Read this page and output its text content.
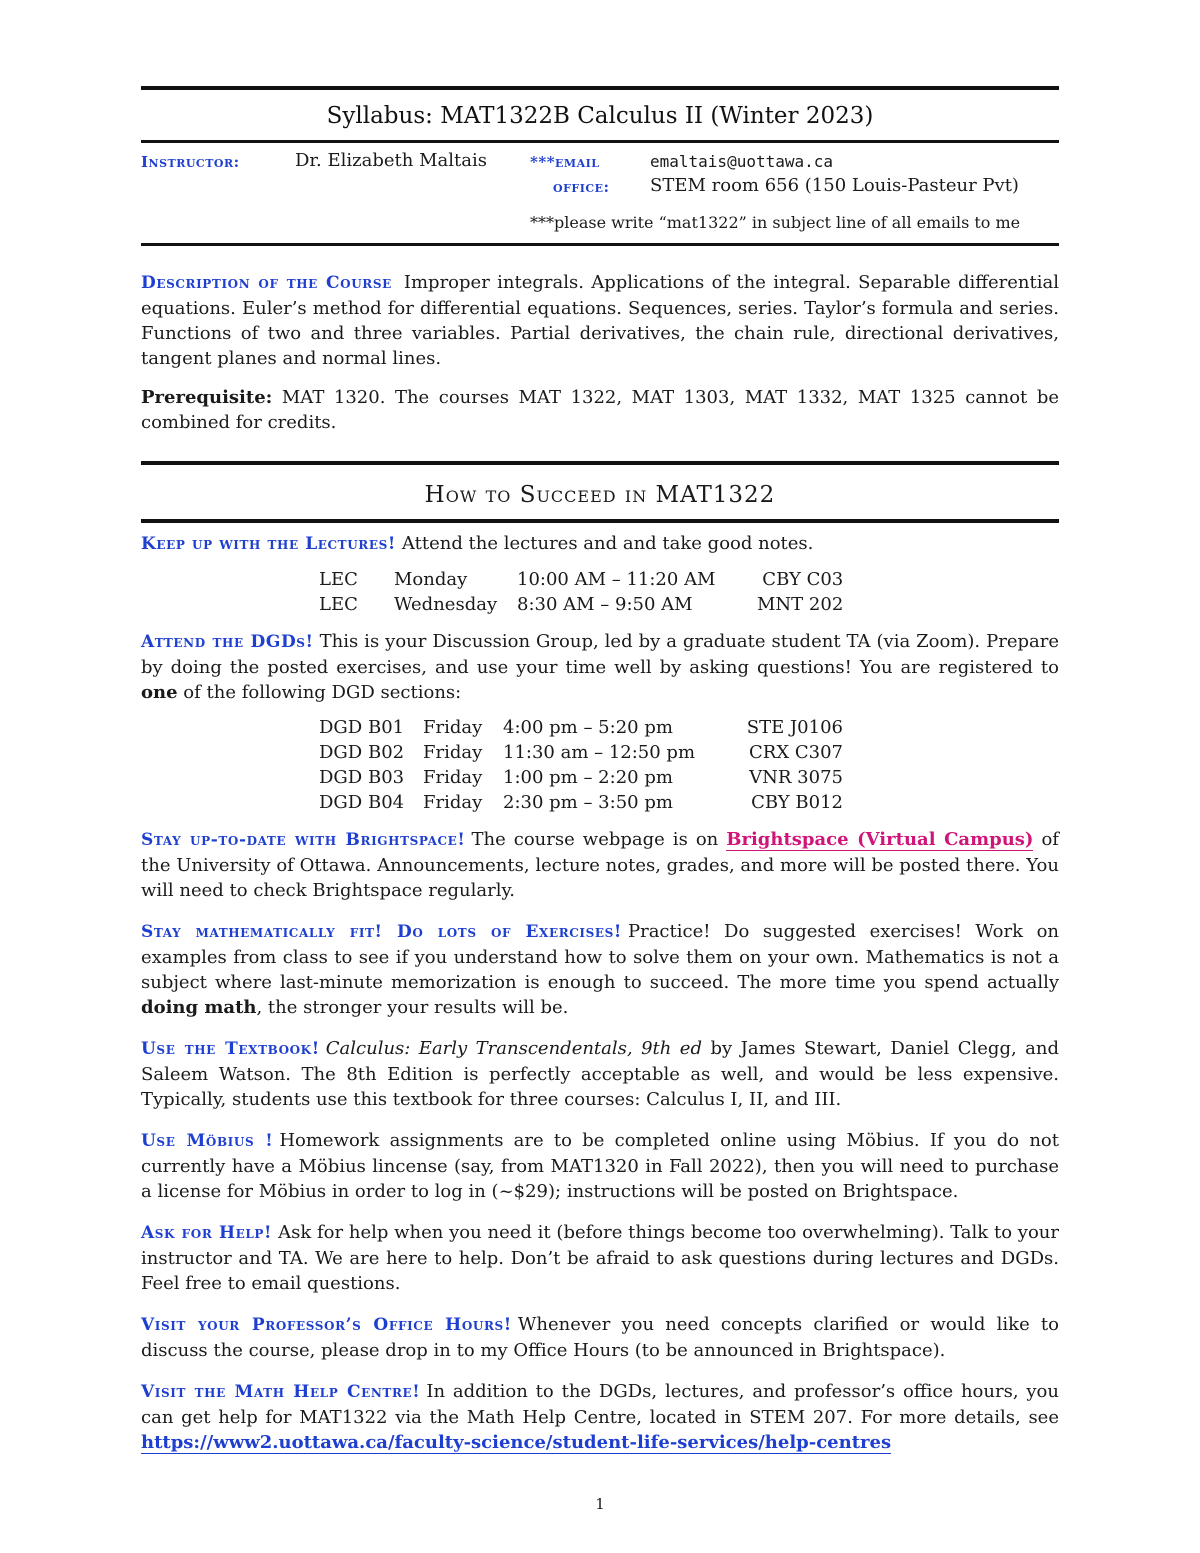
Syllabus: MAT1322B Calculus II (Winter 2023)
Instructor:	Dr. Elizabeth Maltais	***email	emaltais@uottawa.ca
office: STEM room 656 (150 Louis-Pasteur Pvt)
***please write “mat1322” in subject line of all emails to me

Description of the Course Improper integrals. Applications of the integral. Separable differential equations. Euler’s method for differential equations. Sequences, series. Taylor’s formula and series. Functions of two and three variables. Partial derivatives, the chain rule, directional derivatives, tangent planes and normal lines.

Prerequisite: MAT 1320. The courses MAT 1322, MAT 1303, MAT 1332, MAT 1325 cannot be combined for credits.

How to Succeed in MAT1322

Keep up with the Lectures! Attend the lectures and and take good notes.

LEC	Monday	10:00 AM – 11:20 AM	CBY C03
LEC	Wednesday	8:30 AM – 9:50 AM	MNT 202

Attend the DGDs! This is your Discussion Group, led by a graduate student TA (via Zoom). Prepare by doing the posted exercises, and use your time well by asking questions! You are registered to one of the following DGD sections:

DGD B01	Friday	4:00 pm – 5:20 pm	STE J0106
DGD B02	Friday	11:30 am – 12:50 pm	CRX C307
DGD B03	Friday	1:00 pm – 2:20 pm	VNR 3075
DGD B04	Friday	2:30 pm – 3:50 pm	CBY B012

Stay up-to-date with Brightspace! The course webpage is on Brightspace (Virtual Campus) of the University of Ottawa. Announcements, lecture notes, grades, and more will be posted there. You will need to check Brightspace regularly.

Stay mathematically fit! Do lots of Exercises! Practice! Do suggested exercises! Work on examples from class to see if you understand how to solve them on your own. Mathematics is not a subject where last-minute memorization is enough to succeed. The more time you spend actually doing math, the stronger your results will be.

Use the Textbook! Calculus: Early Transcendentals, 9th ed by James Stewart, Daniel Clegg, and Saleem Watson. The 8th Edition is perfectly acceptable as well, and would be less expensive. Typically, students use this textbook for three courses: Calculus I, II, and III.

Use Möbius ! Homework assignments are to be completed online using Möbius. If you do not currently have a Möbius lincense (say, from MAT1320 in Fall 2022), then you will need to purchase a license for Möbius in order to log in (~$29); instructions will be posted on Brightspace.

Ask for Help! Ask for help when you need it (before things become too overwhelming). Talk to your instructor and TA. We are here to help. Don’t be afraid to ask questions during lectures and DGDs. Feel free to email questions.

Visit your Professor’s Office Hours! Whenever you need concepts clarified or would like to discuss the course, please drop in to my Office Hours (to be announced in Brightspace).

Visit the Math Help Centre! In addition to the DGDs, lectures, and professor’s office hours, you can get help for MAT1322 via the Math Help Centre, located in STEM 207. For more details, see https://www2.uottawa.ca/faculty-science/student-life-services/help-centres

1
